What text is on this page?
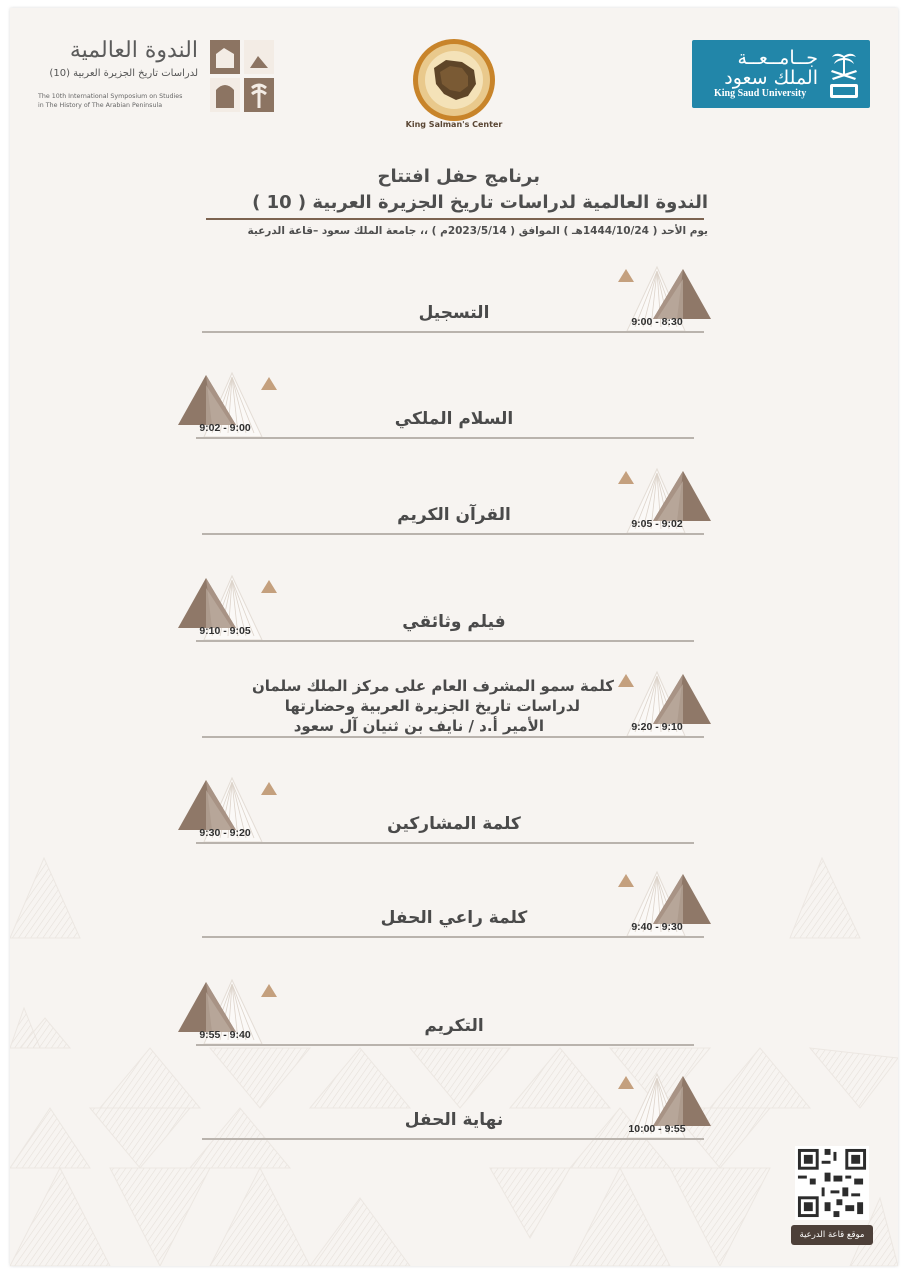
جــامــعــة
الملك سعود
King Saud University
King Salman's Center
الندوة العالمية
لدراسات تاريخ الجزيرة العربية (10)
The 10th International Symposium on Studies
in The History of The Arabian Peninsula
برنامج حفل افتتاح
الندوة العالمية لدراسات تاريخ الجزيرة العربية ( 10 )
يوم الأحد ( 1444/10/24هـ ) الموافق ( 2023/5/14م ) ،، جامعة الملك سعود –قاعة الدرعية
9:00 - 8:30
التسجيل
9:02 - 9:00	السلام الملكي
9:05 - 9:02
القرآن الكريم
9:10 - 9:05	فيلم وثائقي
9:20 - 9:10
كلمة سمو المشرف العام على مركز الملك سلمان
لدراسات تاريخ الجزيرة العربية وحضارتها
الأمير أ.د / نايف بن ثنيان آل سعود
9:30 - 9:20	كلمة المشاركين
9:40 - 9:30
كلمة راعي الحفل
9:55 - 9:40	التكريم
10:00 - 9:55
نهاية الحفل
موقع قاعة الدرعية
